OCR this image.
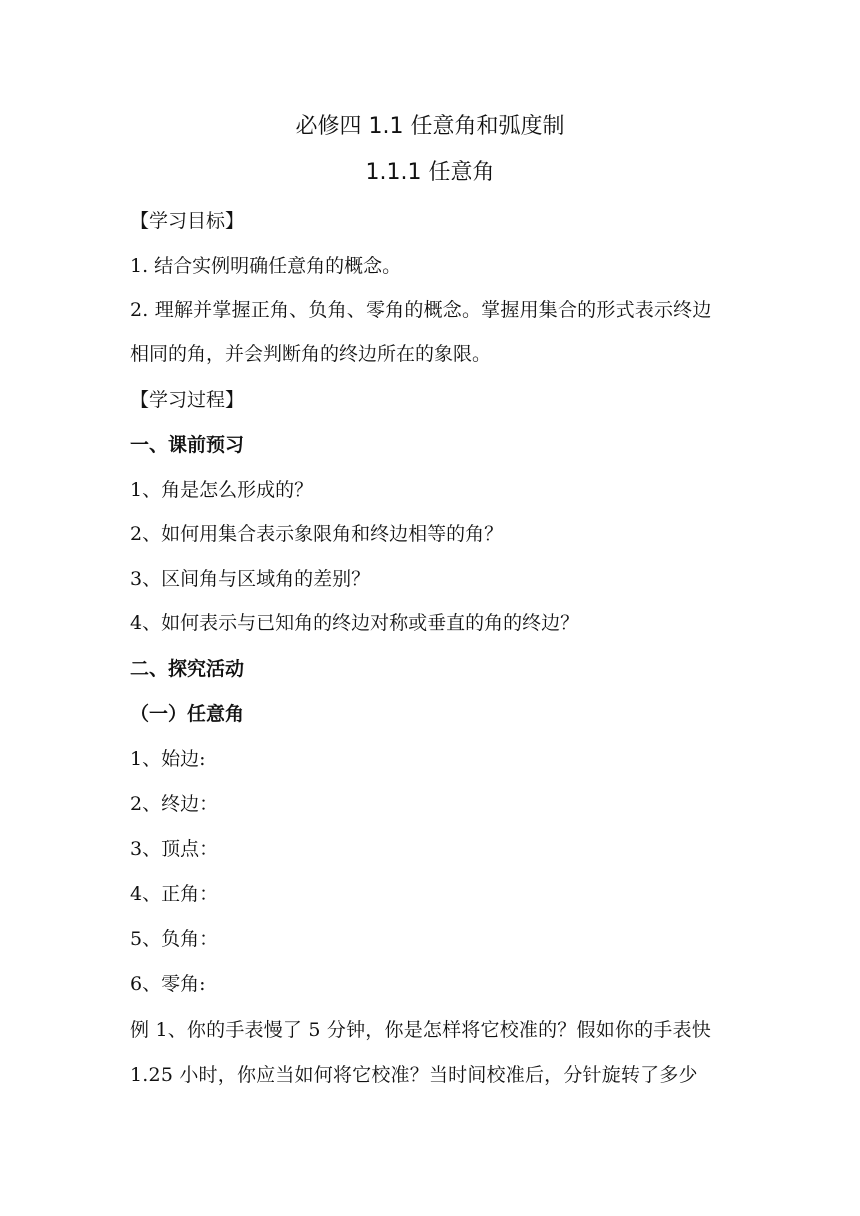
必修四 1.1 任意角和弧度制
1.1.1 任意角
【学习目标】
1. 结合实例明确任意角的概念。
2. 理解并掌握正角、负角、零角的概念。掌握用集合的形式表示终边
相同的角，并会判断角的终边所在的象限。
【学习过程】
一、课前预习
1、角是怎么形成的？
2、如何用集合表示象限角和终边相等的角？
3、区间角与区域角的差别？
4、如何表示与已知角的终边对称或垂直的角的终边？
二、探究活动
（一）任意角
1、始边:
2、终边：
3、顶点：
4、正角：
5、负角：
6、零角:
例 1、你的手表慢了 5 分钟，你是怎样将它校准的？假如你的手表快
1.25 小时，你应当如何将它校准？当时间校准后，分针旋转了多少
